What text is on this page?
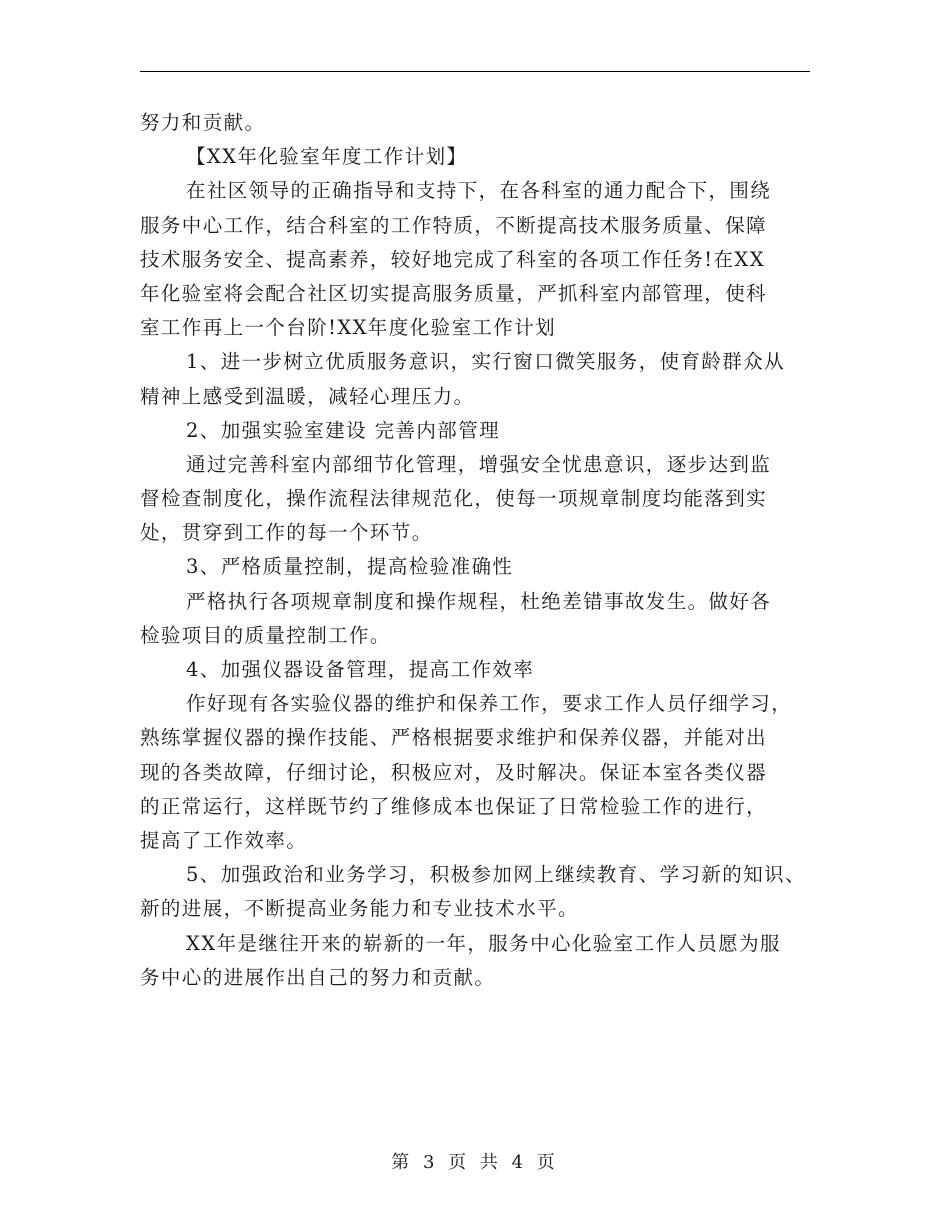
努力和贡献。
【XX年化验室年度工作计划】
在社区领导的正确指导和支持下，在各科室的通力配合下，围绕
服务中心工作，结合科室的工作特质，不断提高技术服务质量、保障
技术服务安全、提高素养，较好地完成了科室的各项工作任务!在XX
年化验室将会配合社区切实提高服务质量，严抓科室内部管理，使科
室工作再上一个台阶!XX年度化验室工作计划
1、进一步树立优质服务意识，实行窗口微笑服务，使育龄群众从
精神上感受到温暖，减轻心理压力。
2、加强实验室建设 完善内部管理
通过完善科室内部细节化管理，增强安全忧患意识，逐步达到监
督检查制度化，操作流程法律规范化，使每一项规章制度均能落到实
处，贯穿到工作的每一个环节。
3、严格质量控制，提高检验准确性
严格执行各项规章制度和操作规程，杜绝差错事故发生。做好各
检验项目的质量控制工作。
4、加强仪器设备管理，提高工作效率
作好现有各实验仪器的维护和保养工作，要求工作人员仔细学习，
熟练掌握仪器的操作技能、严格根据要求维护和保养仪器，并能对出
现的各类故障，仔细讨论，积极应对，及时解决。保证本室各类仪器
的正常运行，这样既节约了维修成本也保证了日常检验工作的进行，
提高了工作效率。
5、加强政治和业务学习，积极参加网上继续教育、学习新的知识、
新的进展，不断提高业务能力和专业技术水平。
XX年是继往开来的崭新的一年，服务中心化验室工作人员愿为服
务中心的进展作出自己的努力和贡献。
第 3 页 共 4 页
